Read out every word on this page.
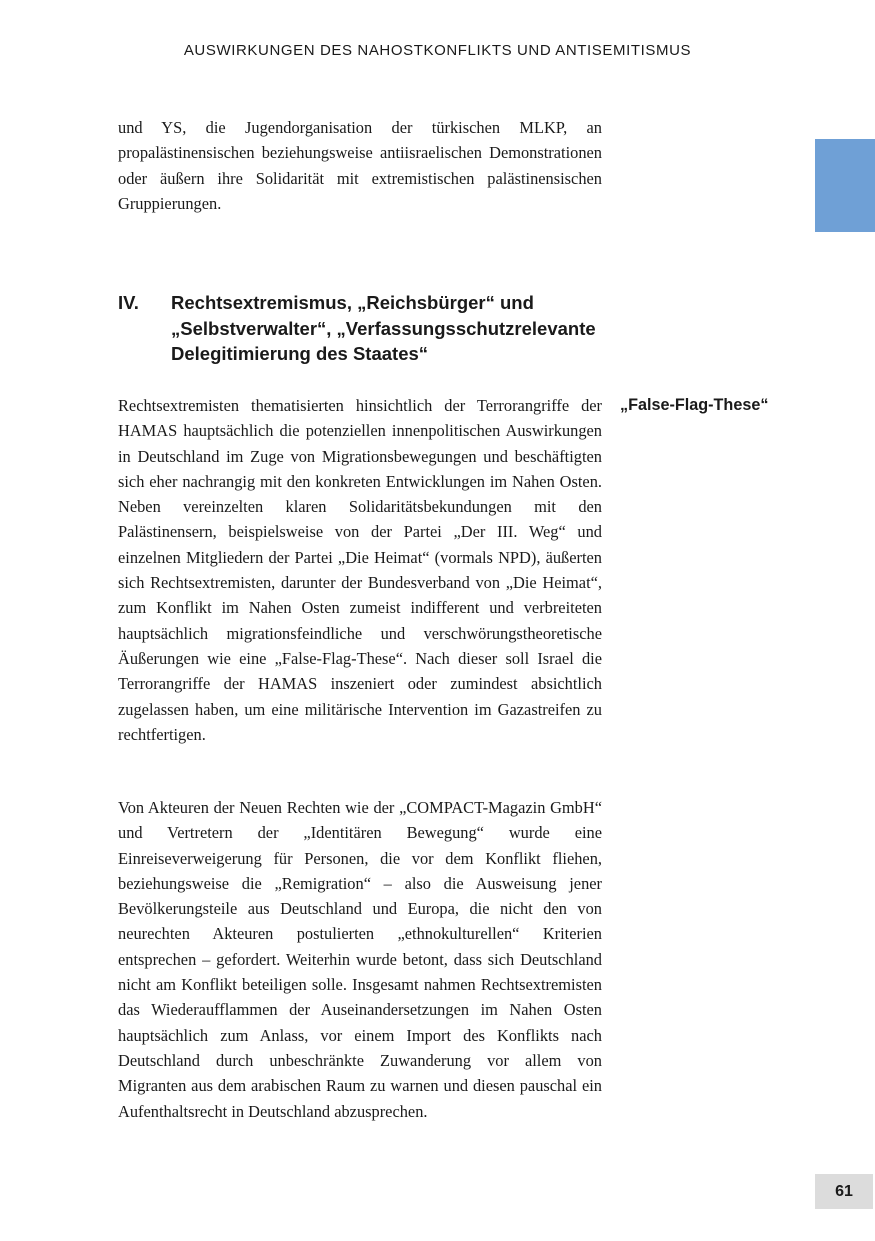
AUSWIRKUNGEN DES NAHOSTKONFLIKTS UND ANTISEMITISMUS

und YS, die Jugendorganisation der türkischen MLKP, an propalästinensischen beziehungsweise antiisraelischen Demonstrationen oder äußern ihre Solidarität mit extremistischen palästinensischen Gruppierungen.

IV. Rechtsextremismus, „Reichsbürger“ und „Selbstverwalter“, „Verfassungsschutzrelevante Delegitimierung des Staates“
„False-Flag-These“

Rechtsextremisten thematisierten hinsichtlich der Terrorangriffe der HAMAS hauptsächlich die potenziellen innenpolitischen Auswirkungen in Deutschland im Zuge von Migrationsbewegungen und beschäftigten sich eher nachrangig mit den konkreten Entwicklungen im Nahen Osten. Neben vereinzelten klaren Solidaritätsbekundungen mit den Palästinensern, beispielsweise von der Partei „Der III. Weg“ und einzelnen Mitgliedern der Partei „Die Heimat“ (vormals NPD), äußerten sich Rechtsextremisten, darunter der Bundesverband von „Die Heimat“, zum Konflikt im Nahen Osten zumeist indifferent und verbreiteten hauptsächlich migrationsfeindliche und verschwörungstheoretische Äußerungen wie eine „False-Flag-These“. Nach dieser soll Israel die Terrorangriffe der HAMAS inszeniert oder zumindest absichtlich zugelassen haben, um eine militärische Intervention im Gazastreifen zu rechtfertigen.

Von Akteuren der Neuen Rechten wie der „COMPACT-Magazin GmbH“ und Vertretern der „Identitären Bewegung“ wurde eine Einreiseverweigerung für Personen, die vor dem Konflikt fliehen, beziehungsweise die „Remigration“ – also die Ausweisung jener Bevölkerungsteile aus Deutschland und Europa, die nicht den von neurechten Akteuren postulierten „ethnokulturellen“ Kriterien entsprechen – gefordert. Weiterhin wurde betont, dass sich Deutschland nicht am Konflikt beteiligen solle. Insgesamt nahmen Rechtsextremisten das Wiederaufflammen der Auseinandersetzungen im Nahen Osten hauptsächlich zum Anlass, vor einem Import des Konflikts nach Deutschland durch unbeschränkte Zuwanderung vor allem von Migranten aus dem arabischen Raum zu warnen und diesen pauschal ein Aufenthaltsrecht in Deutschland abzusprechen.

61
